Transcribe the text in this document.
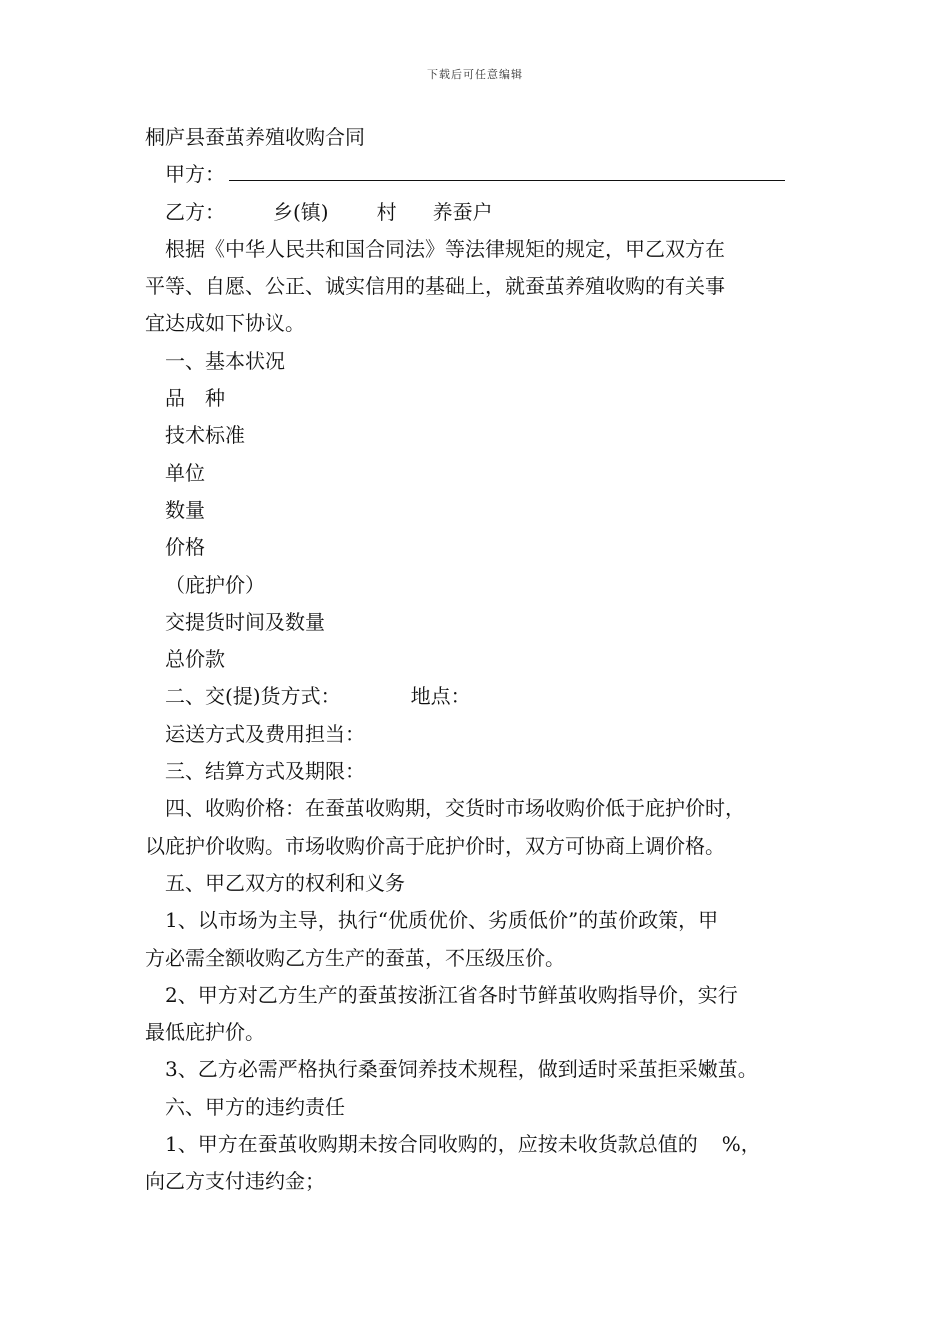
下载后可任意编辑
桐庐县蚕茧养殖收购合同
甲方：
乙方： 乡(镇) 村 养蚕户
根据《中华人民共和国合同法》等法律规矩的规定，甲乙双方在
平等、自愿、公正、诚实信用的基础上，就蚕茧养殖收购的有关事
宜达成如下协议。
一、基本状况
品　种
技术标准
单位
数量
价格
（庇护价）
交提货时间及数量
总价款
二、交(提)货方式：	地点：
运送方式及费用担当：
三、结算方式及期限：
四、收购价格：在蚕茧收购期，交货时市场收购价低于庇护价时，
以庇护价收购。市场收购价高于庇护价时，双方可协商上调价格。
五、甲乙双方的权利和义务
1、以市场为主导，执行“优质优价、劣质低价”的茧价政策，甲
方必需全额收购乙方生产的蚕茧，不压级压价。
2、甲方对乙方生产的蚕茧按浙江省各时节鲜茧收购指导价，实行
最低庇护价。
3、乙方必需严格执行桑蚕饲养技术规程，做到适时采茧拒采嫩茧。
六、甲方的违约责任
1、甲方在蚕茧收购期未按合同收购的，应按未收货款总值的 %，
向乙方支付违约金；
